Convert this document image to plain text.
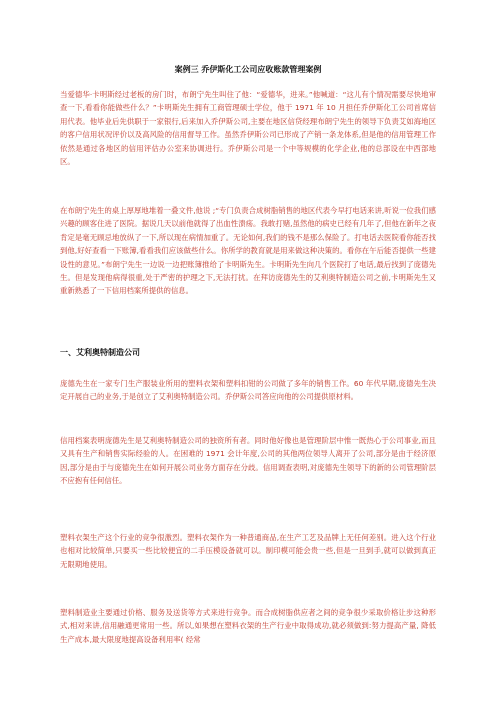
案例三 乔伊斯化工公司应收账款管理案例

当爱德华·卡明斯经过老板的房门时，布朗宁先生叫住了他：“爱德华，进来。”他喊道：“这儿有个情况需要尽快地审查一下,看看你能做些什么？”卡明斯先生拥有工商管理硕士学位，他于 1971 年 10 月担任乔伊斯化工公司首席信用代表。他毕业后先供职于一家银行,后来加入乔伊斯公司,主要在地区信贷经理布朗宁先生的领导下负责艾如海地区的客户信用状况评价以及高风险的信用督导工作。虽然乔伊斯公司已形成了产销一条龙体系,但是他的信用管理工作依然是通过各地区的信用评估办公室来协调进行。乔伊斯公司是一个中等规模的化学企业,他的总部设在中西部地区。

在布朗宁先生的桌上厚厚地堆着一叠文件,他说 ;“专门负责合成树脂销售的地区代表今早打电话来讲,听说一位我们感兴趣的顾客住进了医院。据说几天以前他就得了出血性溃疡。我敢打赌,虽然他的病史已经有几年了,但他在新年之夜肯定是毫无顾忌地放纵了一下,所以现在病情加重了。无论如何,我们的钱不是那么保险了。打电话去医院看你能否找到他,好好查看一下账簿,看看我们应该做些什么。你所学的教育就是用来做这种决策的。看你在午后能否提供一些建设性的意见。”布朗宁先生一边说一边把账簿推给了卡明斯先生。卡明斯先生向几个医院打了电话,最后找到了庞德先生。但是发现他病得很重,处于严密的护理之下,无法打扰。在拜访庞德先生的艾利奥特制造公司之前,卡明斯先生又重新熟悉了一下信用档案所提供的信息。

一、艾利奥特制造公司

庞德先生在一家专门生产服装业所用的塑料衣架和塑料扣钳的公司做了多年的销售工作。60 年代早期,庞德先生决定开展自己的业务,于是创立了艾利奥特制造公司。乔伊斯公司答应向他的公司提供原材料。

信用档案表明庞德先生是艾利奥特制造公司的独资所有者。同时他好像也是管理阶层中惟一既热心于公司事业,而且又具有生产和销售实际经验的人。在困难的 1971 会计年度,公司的其他两位领导人离开了公司,部分是由于经济原因,部分是由于与庞德先生在如何开展公司业务方面存在分歧。信用调查表明,对庞德先生领导下的新的公司管理阶层不应抱有任何信任。

塑料衣架生产这个行业的竞争很激烈。塑料衣架作为一种普通商品,在生产工艺及品牌上无任何差别。进入这个行业也相对比较简单,只要买一些比较便宜的二手压模设备就可以。制印模可能会贵一些,但是一旦到手,就可以做到真正无限期地使用。

塑料制造业主要通过价格、服务及送货等方式来进行竞争。而合成树脂供应者之间的竞争很少采取价格让步这种形式,相对来讲,信用融通更常用一些。所以,如果想在塑料衣架的生产行业中取得成功,就必须做到:努力提高产量, 降低生产成本,最大限度地提高设备利用率( 经常
